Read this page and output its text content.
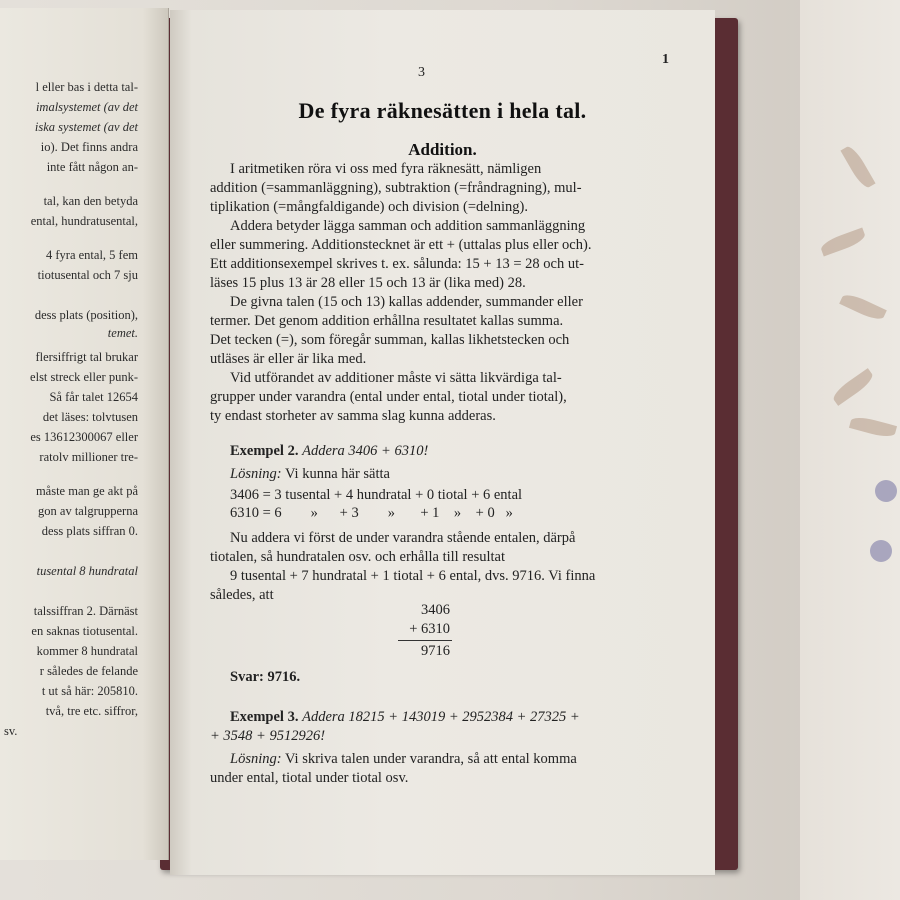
l eller bas i detta tal-
imalsystemet (av det
iska systemet (av det
io). Det finns andra
inte fått någon an-
tal, kan den betyda
ental, hundratusental,
4 fyra ental, 5 fem
tiotusental och 7 sju
dess plats (position),
temet.
flersiffrigt tal brukar
elst streck eller punk-
Så får talet 12654
det läses: tolvtusen
es 13612300067 eller
ratolv millioner tre-
måste man ge akt på
gon av talgrupperna
dess plats siffran 0.
tusental 8 hundratal
talssiffran 2. Därnäst
en saknas tiotusental.
kommer 8 hundratal
r således de felande
t ut så här: 205810.
två, tre etc. siffror,
sv.
3
1
De fyra räknesätten i hela tal.
Addition.
I aritmetiken röra vi oss med fyra räknesätt, nämligen
addition (=sammanläggning), subtraktion (=fråndragning), mul-
tiplikation (=mångfaldigande) och division (=delning).
Addera betyder lägga samman och addition sammanläggning
eller summering. Additionstecknet är ett + (uttalas plus eller och).
Ett additionsexempel skrives t. ex. sålunda: 15 + 13 = 28 och ut-
läses 15 plus 13 är 28 eller 15 och 13 är (lika med) 28.
De givna talen (15 och 13) kallas addender, summander eller
termer. Det genom addition erhållna resultatet kallas summa.
Det tecken (=), som föregår summan, kallas likhetstecken och
utläses är eller är lika med.
Vid utförandet av additioner måste vi sätta likvärdiga tal-
grupper under varandra (ental under ental, tiotal under tiotal),
ty endast storheter av samma slag kunna adderas.
Exempel 2. Addera 3406 + 6310!
Lösning: Vi kunna här sätta
3406 = 3 tusental + 4 hundratal + 0 tiotal + 6 ental
6310 = 6        »      + 3        »       + 1    »    + 0   »
Nu addera vi först de under varandra stående entalen, därpå
tiotalen, så hundratalen osv. och erhålla till resultat
9 tusental + 7 hundratal + 1 tiotal + 6 ental, dvs. 9716. Vi finna
således, att
3406
+ 6310
9716
Svar: 9716.
Exempel 3. Addera 18215 + 143019 + 2952384 + 27325 +
+ 3548 + 9512926!
Lösning: Vi skriva talen under varandra, så att ental komma
under ental, tiotal under tiotal osv.
